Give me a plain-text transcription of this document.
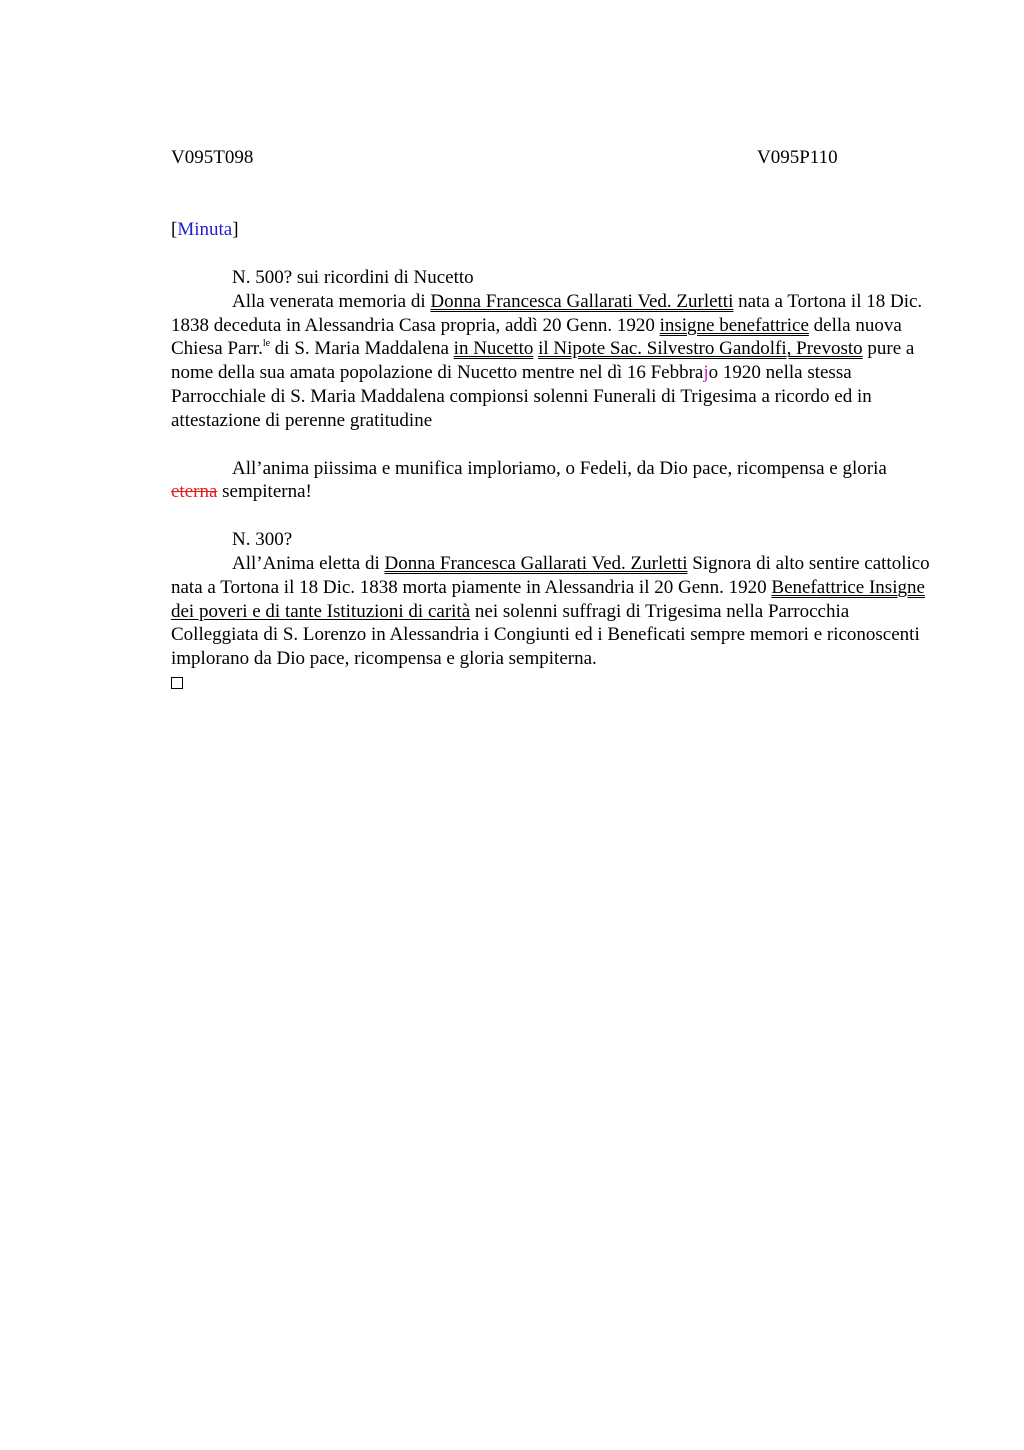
V095T098	V095P110
[Minuta]

N. 500? sui ricordini di Nucetto

Alla venerata memoria di Donna Francesca Gallarati Ved. Zurletti nata a Tortona il 18 Dic. 1838 deceduta in Alessandria Casa propria, addì 20 Genn. 1920 insigne benefattrice della nuova Chiesa Parr.$^{le}$ di S. Maria Maddalena in Nucetto il Nipote Sac. Silvestro Gandolfi, Prevosto pure a nome della sua amata popolazione di Nucetto mentre nel dì 16 Febbrajo 1920 nella stessa Parrocchiale di S. Maria Maddalena compionsi solenni Funerali di Trigesima a ricordo ed in attestazione di perenne gratitudine

All’anima piissima e munifica imploriamo, o Fedeli, da Dio pace, ricompensa e gloria eterna sempiterna!

N. 300?

All’Anima eletta di Donna Francesca Gallarati Ved. Zurletti Signora di alto sentire cattolico nata a Tortona il 18 Dic. 1838 morta piamente in Alessandria il 20 Genn. 1920 Benefattrice Insigne dei poveri e di tante Istituzioni di carità nei solenni suffragi di Trigesima nella Parrocchia Colleggiata di S. Lorenzo in Alessandria i Congiunti ed i Beneficati sempre memori e riconoscenti implorano da Dio pace, ricompensa e gloria sempiterna.
